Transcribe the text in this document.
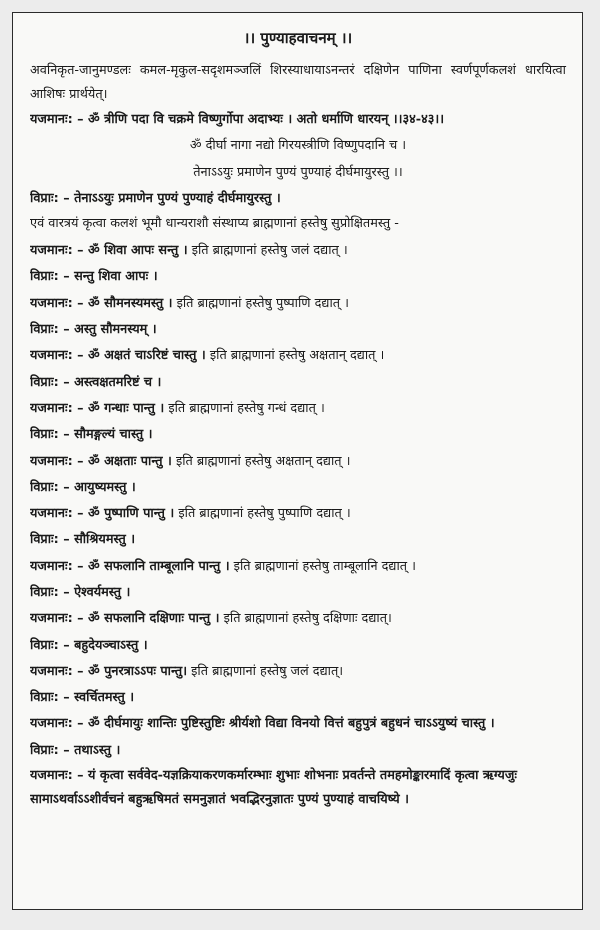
।। पुण्याहवाचनम् ।।

अवनिकृत-जानुमण्डलः कमल-मृकुल-सदृशमञ्जलिं शिरस्याधायाऽनन्तरं दक्षिणेन पाणिना स्वर्णपूर्णकलशं धारयित्वा आशिषः प्रार्थयेत्।

यजमानः: – ॐ त्रीणि पदा वि चक्रमे विष्णुर्गोपा अदाभ्यः । अतो धर्माणि धारयन् ।।३४-४३।।
ॐ दीर्घा नागा नद्यो गिरयस्त्रीणि विष्णुपदानि च ।
तेनाऽऽयुः प्रमाणेन पुण्यं पुण्याहं दीर्घमायुरस्तु ।।
विप्राः: – तेनाऽऽयुः प्रमाणेन पुण्यं पुण्याहं दीर्घमायुरस्तु ।
एवं वारत्रयं कृत्वा कलशं भूमौ धान्यराशौ संस्थाप्य ब्राह्मणानां हस्तेषु सुप्रोक्षितमस्तु -
यजमानः: – ॐ शिवा आपः सन्तु । इति ब्राह्मणानां हस्तेषु जलं दद्यात् ।
विप्राः: – सन्तु शिवा आपः ।
यजमानः: – ॐ सौमनस्यमस्तु । इति ब्राह्मणानां हस्तेषु पुष्पाणि दद्यात् ।
विप्राः: – अस्तु सौमनस्यम् ।
यजमानः: – ॐ अक्षतं चाऽरिष्टं चास्तु । इति ब्राह्मणानां हस्तेषु अक्षतान् दद्यात् ।
विप्राः: – अस्त्वक्षतमरिष्टं च ।
यजमानः: – ॐ गन्धाः पान्तु । इति ब्राह्मणानां हस्तेषु गन्धं दद्यात् ।
विप्राः: – सौमङ्गल्यं चास्तु ।
यजमानः: – ॐ अक्षताः पान्तु । इति ब्राह्मणानां हस्तेषु अक्षतान् दद्यात् ।
विप्राः: – आयुष्यमस्तु ।
यजमानः: – ॐ पुष्पाणि पान्तु । इति ब्राह्मणानां हस्तेषु पुष्पाणि दद्यात् ।
विप्राः: – सौश्रियमस्तु ।
यजमानः: – ॐ सफलानि ताम्बूलानि पान्तु । इति ब्राह्मणानां हस्तेषु ताम्बूलानि दद्यात् ।
विप्राः: – ऐश्वर्यमस्तु ।
यजमानः: – ॐ सफलानि दक्षिणाः पान्तु । इति ब्राह्मणानां हस्तेषु दक्षिणाः दद्यात्।
विप्राः: – बहुदेयञ्चाऽस्तु ।
यजमानः: – ॐ पुनरत्राऽऽपः पान्तु। इति ब्राह्मणानां हस्तेषु जलं दद्यात्।
विप्राः: – स्वर्चितमस्तु ।
यजमानः: – ॐ दीर्घमायुः शान्तिः पुष्टिस्तुष्टिः श्रीर्यशो विद्या विनयो वित्तं बहुपुत्रं बहुधनं चाऽऽयुष्यं चास्तु ।
विप्राः: – तथाऽस्तु ।
यजमानः: – यं कृत्वा सर्ववेद-यज्ञक्रियाकरणकर्मारम्भाः शुभाः शोभनाः प्रवर्तन्ते तमहमोङ्कारमादिं कृत्वा ऋग्यजुः सामाऽथर्वाऽऽशीर्वचनं बहुऋषिमतं समनुज्ञातं भवद्भिरनुज्ञातः पुण्यं पुण्याहं वाचयिष्ये ।
